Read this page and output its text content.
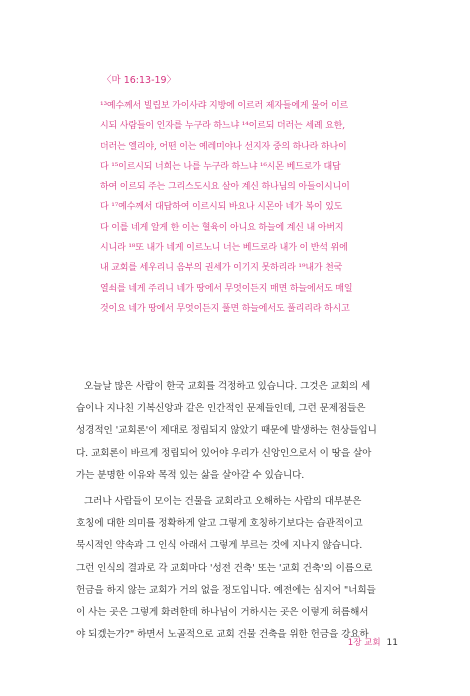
〈마 16:13-19〉
¹³예수께서 빌립보 가이사랴 지방에 이르러 제자들에게 물어 이르
시되 사람들이 인자를 누구라 하느냐 ¹⁴이르되 더러는 세례 요한,
더러는 엘리야, 어떤 이는 예레미야나 선지자 중의 하나라 하나이
다 ¹⁵이르시되 너희는 나를 누구라 하느냐 ¹⁶시몬 베드로가 대답
하여 이르되 주는 그리스도시요 살아 계신 하나님의 아들이시니이
다 ¹⁷예수께서 대답하여 이르시되 바요나 시몬아 네가 복이 있도
다 이를 네게 알게 한 이는 혈육이 아니요 하늘에 계신 내 아버지
시니라 ¹⁸또 내가 네게 이르노니 너는 베드로라 내가 이 반석 위에
내 교회를 세우리니 음부의 권세가 이기지 못하리라 ¹⁹내가 천국
열쇠를 네게 주리니 네가 땅에서 무엇이든지 매면 하늘에서도 매일
것이요 네가 땅에서 무엇이든지 풀면 하늘에서도 풀리리라 하시고
오늘날 많은 사람이 한국 교회를 걱정하고 있습니다. 그것은 교회의 세
습이나 지나친 기복신앙과 같은 인간적인 문제들인데, 그런 문제점들은
성경적인 '교회론'이 제대로 정립되지 않았기 때문에 발생하는 현상들입니
다. 교회론이 바르게 정립되어 있어야 우리가 신앙인으로서 이 땅을 살아
가는 분명한 이유와 목적 있는 삶을 살아갈 수 있습니다.
그러나 사람들이 모이는 건물을 교회라고 오해하는 사람의 대부분은
호칭에 대한 의미를 정확하게 알고 그렇게 호칭하기보다는 습관적이고
묵시적인 약속과 그 인식 아래서 그렇게 부르는 것에 지나지 않습니다.
그런 인식의 결과로 각 교회마다 '성전 건축' 또는 '교회 건축'의 이름으로
헌금을 하지 않는 교회가 거의 없을 정도입니다. 예전에는 심지어 "너희들
이 사는 곳은 그렇게 화려한데 하나님이 거하시는 곳은 이렇게 허름해서
야 되겠는가?" 하면서 노골적으로 교회 건물 건축을 위한 헌금을 강요하
1장 교회 11
